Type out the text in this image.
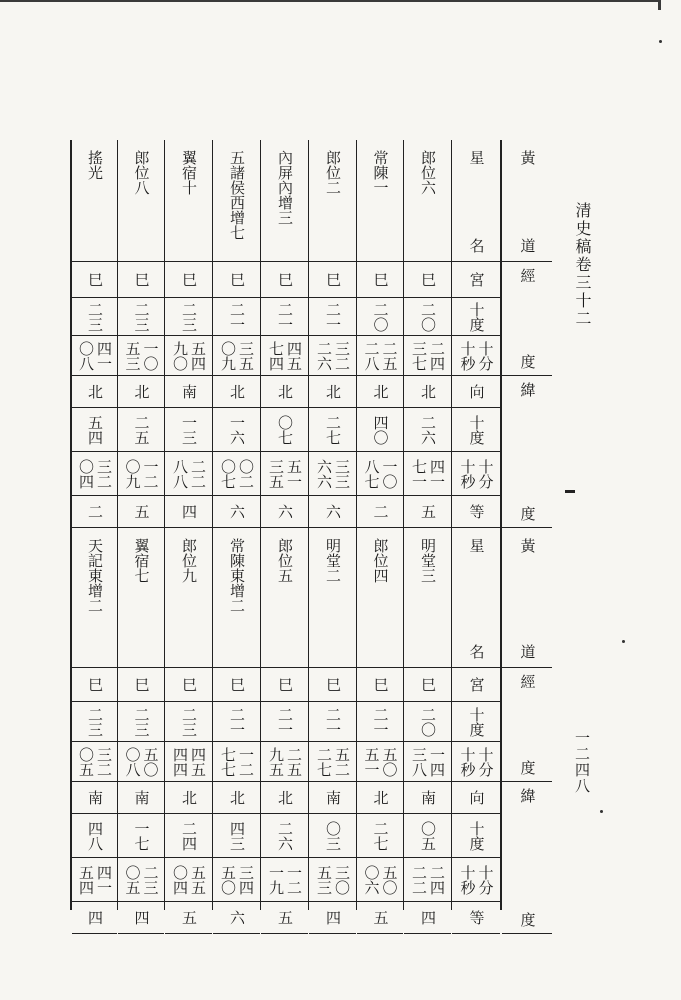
搖光
巳
二三
四一
〇八
北
五四
三二
〇四
二
天記東增二
巳
二三
三二
〇五
南
四八
四一
五四
四
郎位八
巳
二三
一〇
五三
北
二五
一二
〇九
五
翼宿七
巳
二三
五〇
〇八
南
一七
二三
〇五
四
翼宿十
巳
二三
五四
九〇
南
一三
二二
八八
四
郎位九
巳
二三
四五
四四
北
二四
五五
〇四
五
五諸侯西增七
巳
二一
三五
〇九
北
一六
〇二
〇七
六
常陳東增二
巳
二一
一二
七七
北
四三
三四
五〇
六
內屏內增三
巳
二一
四五
七四
北
〇七
五一
三五
六
郎位五
巳
二一
二五
九五
北
二六
一二
一九
五
郎位二
巳
二一
三二
二六
北
二七
三三
六六
六
明堂二
巳
二一
五二
二七
南
〇三
三〇
五三
四
常陳一
巳
二〇
二五
二八
北
四〇
一〇
八七
二
郎位四
巳
二一
五〇
五一
北
二七
五〇
〇六
五
郎位六
巳
二〇
二四
三七
北
二六
四一
七一
五
明堂三
巳
二〇
一四
三八
南
〇五
二四
二二
四
星
名
宮
十度
十分
十秒
向
十度
十分
十秒
等
星
名
宮
十度
十分
十秒
向
十度
十分
十秒
等
黃
道
經
度
緯
度
黃
道
經
度
緯
度
清史稿卷三十二
一二四八
